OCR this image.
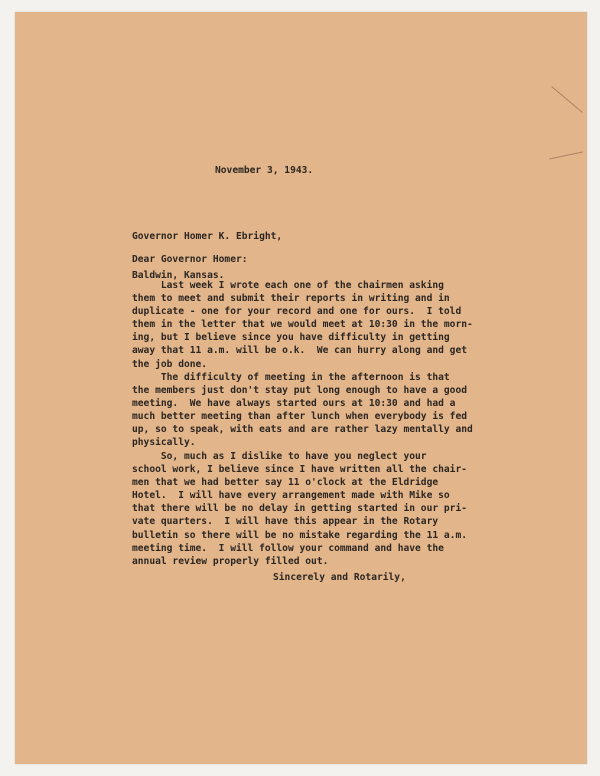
November 3, 1943.

Governor Homer K. Ebright,

Baldwin, Kansas.

Dear Governor Homer:
Last week I wrote each one of the chairmen asking
them to meet and submit their reports in writing and in
duplicate - one for your record and one for ours.  I told
them in the letter that we would meet at 10:30 in the morn-
ing, but I believe since you have difficulty in getting
away that 11 a.m. will be o.k.  We can hurry along and get
the job done.
The difficulty of meeting in the afternoon is that
the members just don't stay put long enough to have a good
meeting.  We have always started ours at 10:30 and had a
much better meeting than after lunch when everybody is fed
up, so to speak, with eats and are rather lazy mentally and
physically.
So, much as I dislike to have you neglect your
school work, I believe since I have written all the chair-
men that we had better say 11 o'clock at the Eldridge
Hotel.  I will have every arrangement made with Mike so
that there will be no delay in getting started in our pri-
vate quarters.  I will have this appear in the Rotary
bulletin so there will be no mistake regarding the 11 a.m.
meeting time.  I will follow your command and have the
annual review properly filled out.
Sincerely and Rotarily,
